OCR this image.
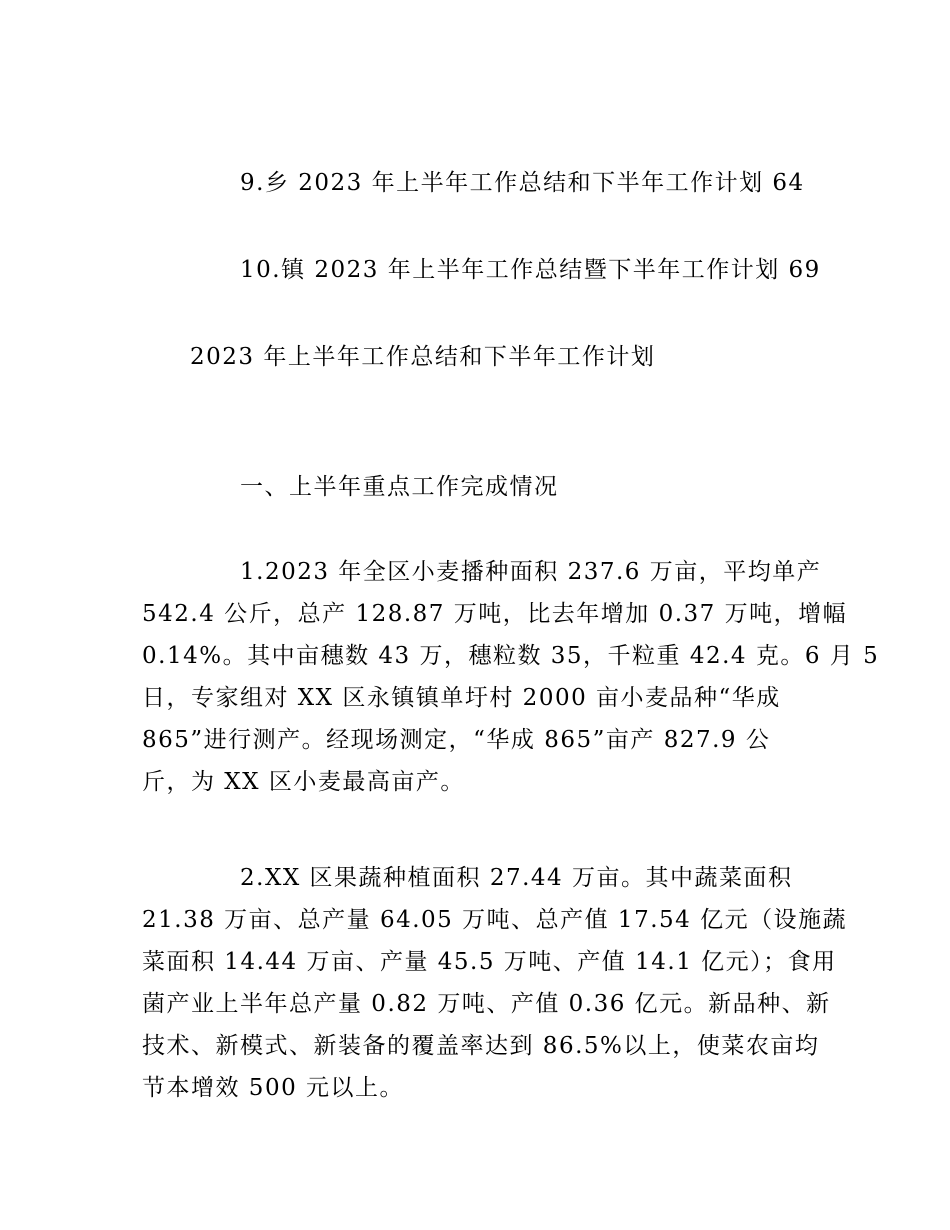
9.乡 2023 年上半年工作总结和下半年工作计划 64
10.镇 2023 年上半年工作总结暨下半年工作计划 69
2023 年上半年工作总结和下半年工作计划
一、上半年重点工作完成情况
1.2023 年全区小麦播种面积 237.6 万亩，平均单产
542.4 公斤，总产 128.87 万吨，比去年增加 0.37 万吨，增幅
0.14%。其中亩穗数 43 万，穗粒数 35，千粒重 42.4 克。6 月 5
日，专家组对 XX 区永镇镇单圩村 2000 亩小麦品种“华成
865”进行测产。经现场测定，“华成 865”亩产 827.9 公
斤，为 XX 区小麦最高亩产。
2.XX 区果蔬种植面积 27.44 万亩。其中蔬菜面积
21.38 万亩、总产量 64.05 万吨、总产值 17.54 亿元（设施蔬
菜面积 14.44 万亩、产量 45.5 万吨、产值 14.1 亿元）；食用
菌产业上半年总产量 0.82 万吨、产值 0.36 亿元。新品种、新
技术、新模式、新装备的覆盖率达到 86.5%以上，使菜农亩均
节本增效 500 元以上。
